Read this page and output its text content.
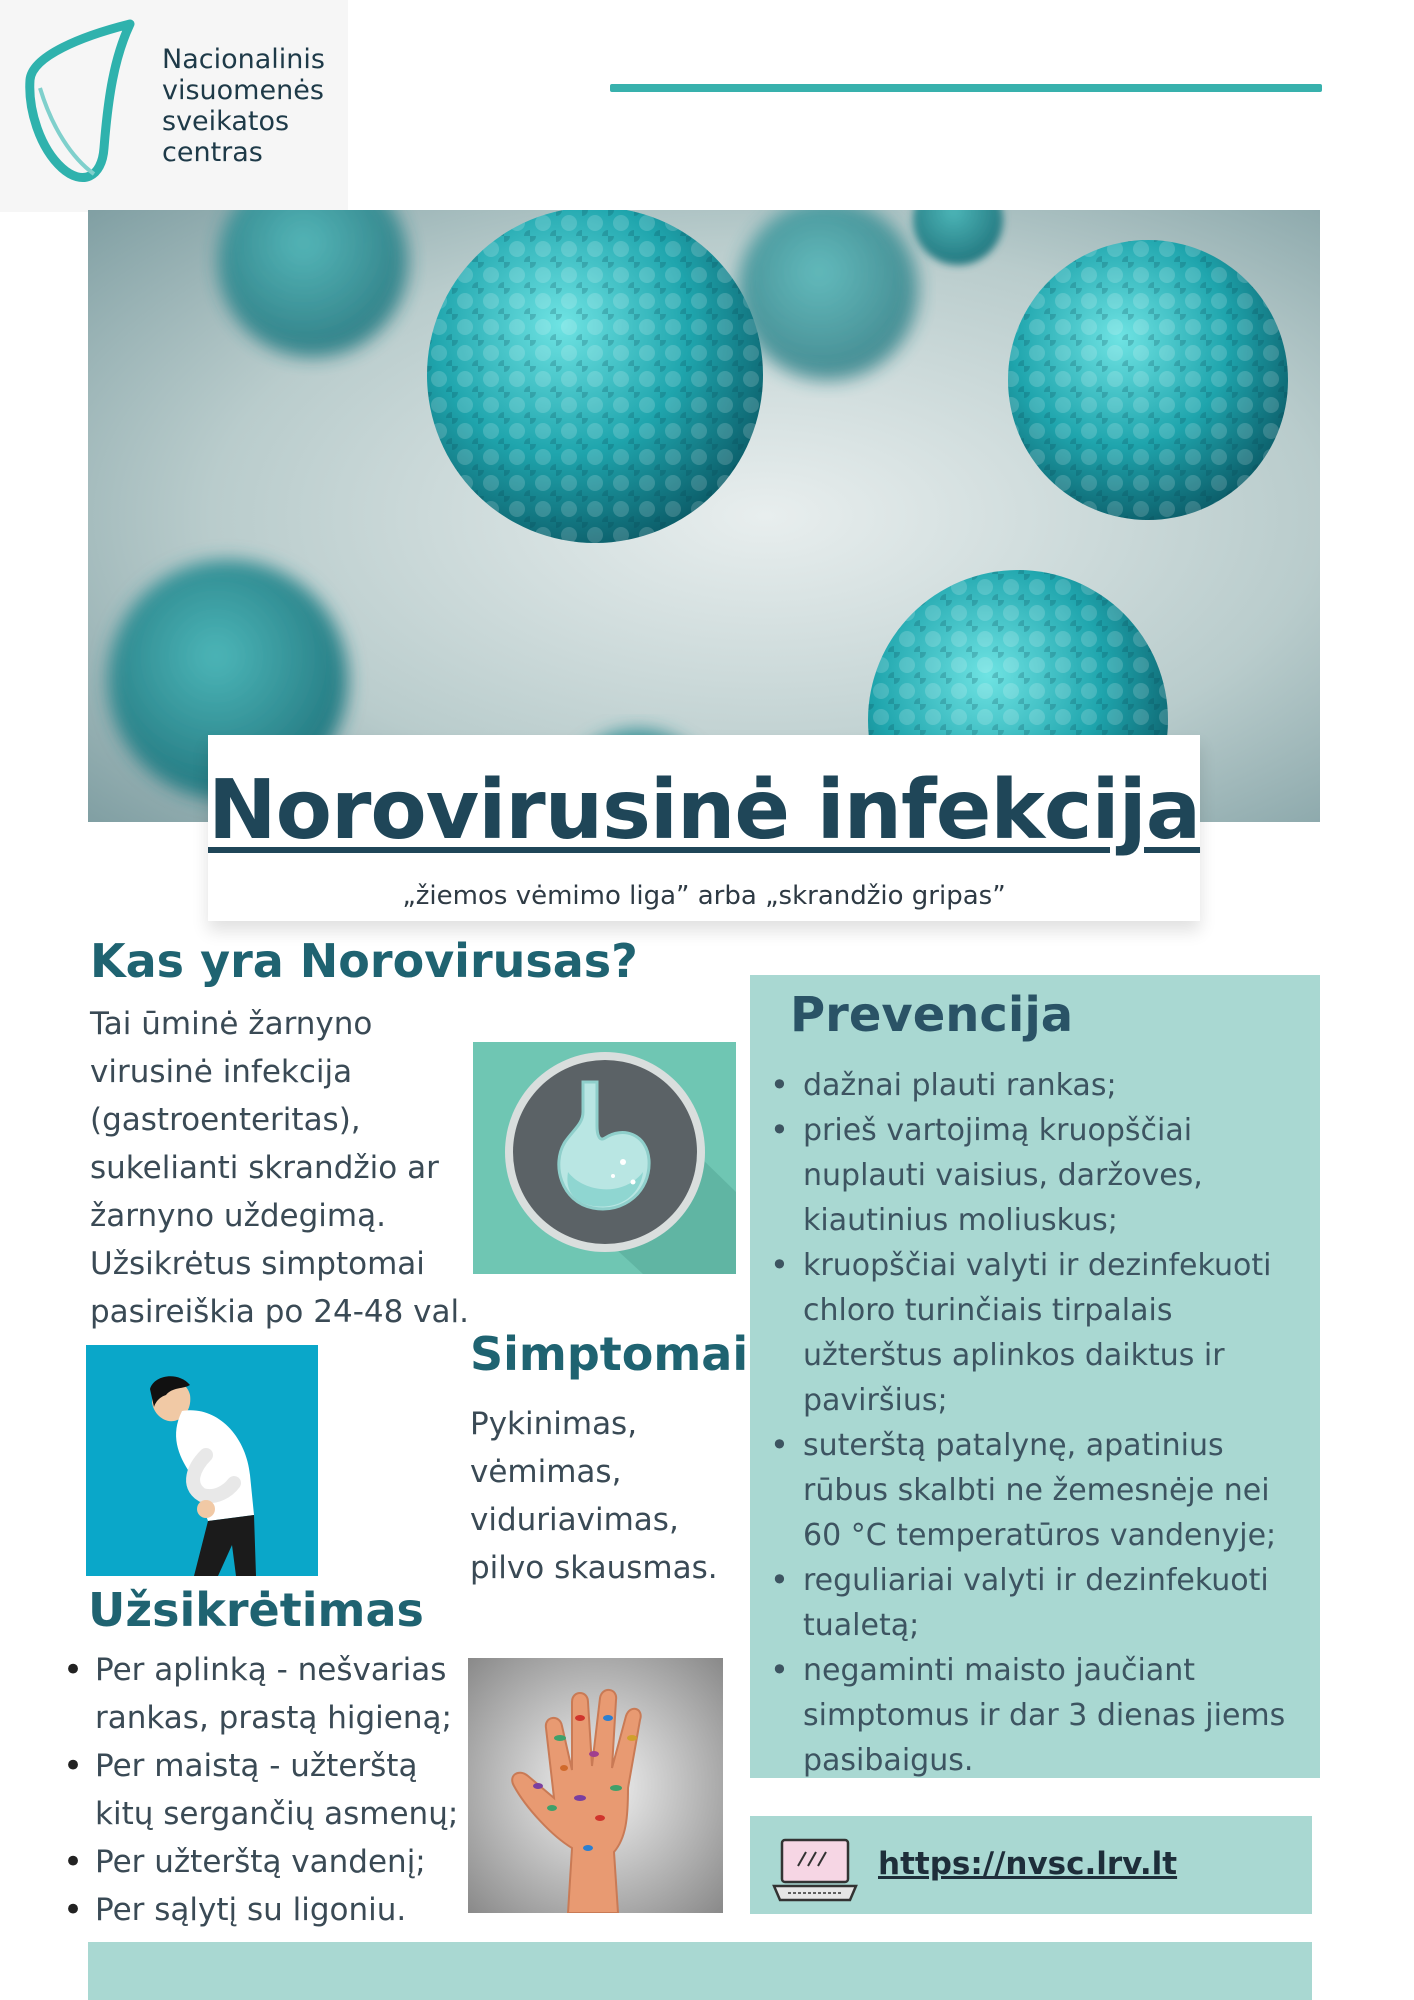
Nacionalinis
visuomenės
sveikatos
centras
Norovirusinė infekcija
„žiemos vėmimo liga” arba „skrandžio gripas”
Kas yra Norovirusas?
Tai ūminė žarnyno
virusinė infekcija
(gastroenteritas),
sukelianti skrandžio ar
žarnyno uždegimą.
Užsikrėtus simptomai
pasireiškia po 24-48 val.
Simptomai
Pykinimas,
vėmimas,
viduriavimas,
pilvo skausmas.
Užsikrėtimas
• Per aplinką - nešvarias rankas, prastą higieną;
• Per maistą - užterštą kitų sergančių asmenų;
• Per užterštą vandenį;
• Per sąlytį su ligoniu.
Prevencija
• dažnai plauti rankas;
• prieš vartojimą kruopščiai nuplauti vaisius, daržoves, kiautinius moliuskus;
• kruopščiai valyti ir dezinfekuoti chloro turinčiais tirpalais užterštus aplinkos daiktus ir paviršius;
• suterštą patalynę, apatinius rūbus skalbti ne žemesnėje nei 60 °C temperatūros vandenyje;
• reguliariai valyti ir dezinfekuoti tualetą;
• negaminti maisto jaučiant simptomus ir dar 3 dienas jiems pasibaigus.
https://nvsc.lrv.lt
